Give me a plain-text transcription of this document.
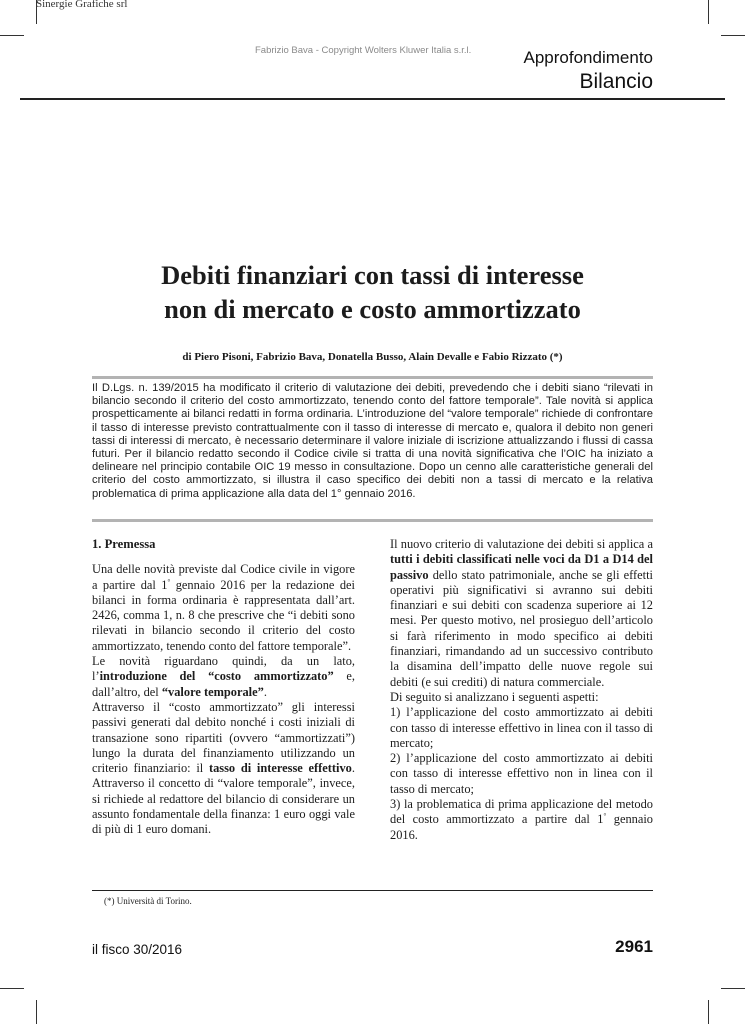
Sinergie Grafiche srl
Fabrizio Bava - Copyright Wolters Kluwer Italia s.r.l.	Approfondimento
Bilancio
Debiti finanziari con tassi di interesse
non di mercato e costo ammortizzato
di Piero Pisoni, Fabrizio Bava, Donatella Busso, Alain Devalle e Fabio Rizzato (*)
Il D.Lgs. n. 139/2015 ha modificato il criterio di valutazione dei debiti, prevedendo che i debiti siano “rilevati in bilancio secondo il criterio del costo ammortizzato, tenendo conto del fattore temporale”. Tale novità si applica prospetticamente ai bilanci redatti in forma ordinaria. L’introduzione del “valore temporale” richiede di confrontare il tasso di interesse previsto contrattualmente con il tasso di interesse di mercato e, qualora il debito non generi tassi di interessi di mercato, è necessario determinare il valore iniziale di iscrizione attualizzando i flussi di cassa futuri. Per il bilancio redatto secondo il Codice civile si tratta di una novità significativa che l’OIC ha iniziato a delineare nel principio contabile OIC 19 messo in consultazione. Dopo un cenno alle caratteristiche generali del criterio del costo ammortizzato, si illustra il caso specifico dei debiti non a tassi di mercato e la relativa problematica di prima applicazione alla data del 1° gennaio 2016.

1. Premessa

Una delle novità previste dal Codice civile in vigore a partire dal 1° gennaio 2016 per la redazione dei bilanci in forma ordinaria è rappresentata dall’art. 2426, comma 1, n. 8 che prescrive che “i debiti sono rilevati in bilancio secondo il criterio del costo ammortizzato, tenendo conto del fattore temporale”.

Le novità riguardano quindi, da un lato, l’introduzione del “costo ammortizzato” e, dall’altro, del “valore temporale”.

Attraverso il “costo ammortizzato” gli interessi passivi generati dal debito nonché i costi iniziali di transazione sono ripartiti (ovvero “ammortizzati”) lungo la durata del finanziamento utilizzando un criterio finanziario: il tasso di interesse effettivo. Attraverso il concetto di “valore temporale”, invece, si richiede al redattore del bilancio di considerare un assunto fondamentale della finanza: 1 euro oggi vale di più di 1 euro domani.

Il nuovo criterio di valutazione dei debiti si applica a tutti i debiti classificati nelle voci da D1 a D14 del passivo dello stato patrimoniale, anche se gli effetti operativi più significativi si avranno sui debiti finanziari e sui debiti con scadenza superiore ai 12 mesi. Per questo motivo, nel prosieguo dell’articolo si farà riferimento in modo specifico ai debiti finanziari, rimandando ad un successivo contributo la disamina dell’impatto delle nuove regole sui debiti (e sui crediti) di natura commerciale.

Di seguito si analizzano i seguenti aspetti:

1) l’applicazione del costo ammortizzato ai debiti con tasso di interesse effettivo in linea con il tasso di mercato;

2) l’applicazione del costo ammortizzato ai debiti con tasso di interesse effettivo non in linea con il tasso di mercato;

3) la problematica di prima applicazione del metodo del costo ammortizzato a partire dal 1° gennaio 2016.

(*) Università di Torino.
il fisco 30/2016	2961
